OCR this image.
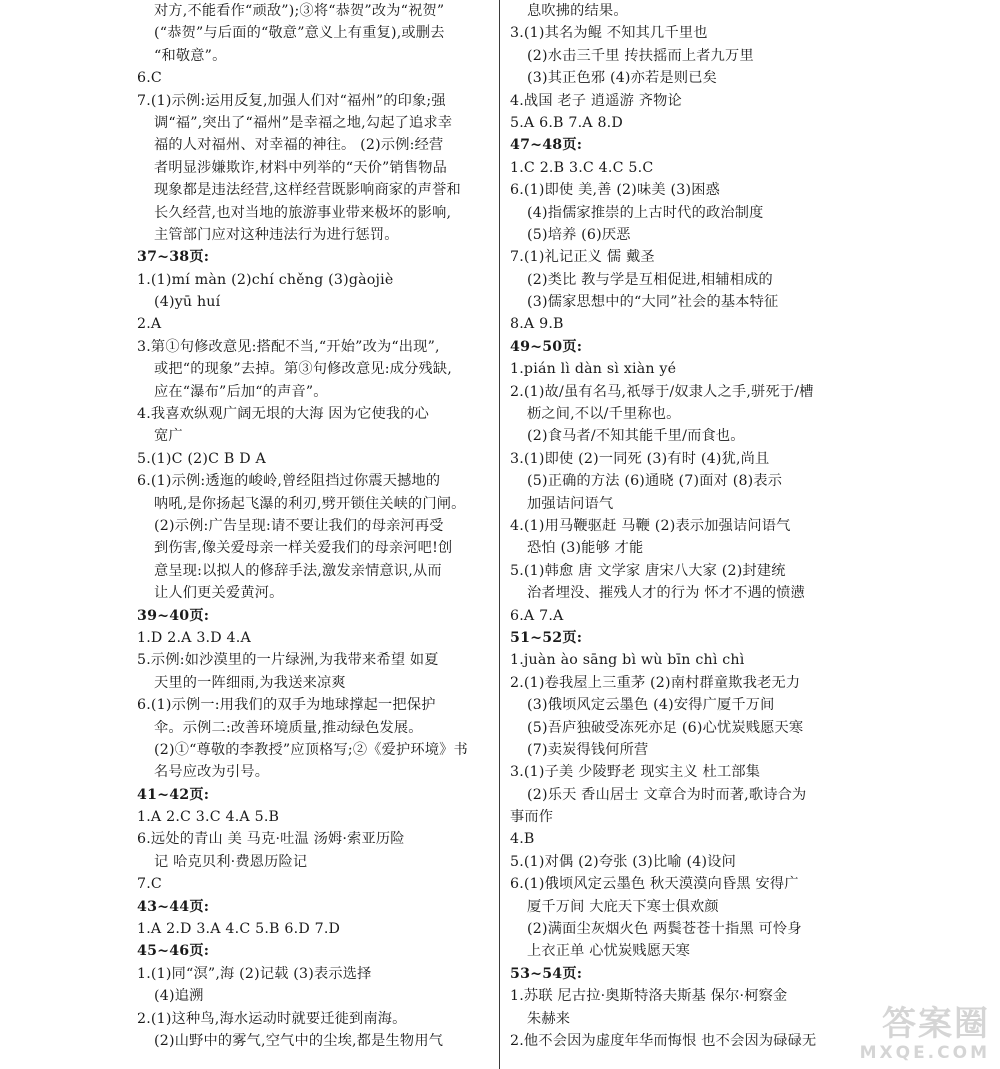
对方,不能看作“顽敌”);③将“恭贺”改为“祝贺”
(“恭贺”与后面的“敬意”意义上有重复),或删去
“和敬意”。
6.C
7.(1)示例:运用反复,加强人们对“福州”的印象;强
调“福”,突出了“福州”是幸福之地,勾起了追求幸
福的人对福州、对幸福的神往。 (2)示例:经营
者明显涉嫌欺诈,材料中列举的“天价”销售物品
现象都是违法经营,这样经营既影响商家的声誉和
长久经营,也对当地的旅游事业带来极坏的影响,
主管部门应对这种违法行为进行惩罚。
37~38页:
1.(1)mí màn (2)chí chěng (3)gàojiè
(4)yū huí
2.A
3.第①句修改意见:搭配不当,“开始”改为“出现”,
或把“的现象”去掉。第③句修改意见:成分残缺,
应在“瀑布”后加“的声音”。
4.我喜欢纵观广阔无垠的大海 因为它使我的心
宽广
5.(1)C (2)C B D A
6.(1)示例:透迤的峻岭,曾经阻挡过你震天撼地的
呐吼,是你扬起飞瀑的利刃,劈开锁住关峡的门闸。
(2)示例:广告呈现:请不要让我们的母亲河再受
到伤害,像关爱母亲一样关爱我们的母亲河吧!创
意呈现:以拟人的修辞手法,激发亲情意识,从而
让人们更关爱黄河。
39~40页:
1.D 2.A 3.D 4.A
5.示例:如沙漠里的一片绿洲,为我带来希望 如夏
天里的一阵细雨,为我送来凉爽
6.(1)示例一:用我们的双手为地球撑起一把保护
伞。示例二:改善环境质量,推动绿色发展。
(2)①“尊敬的李教授”应顶格写;②《爱护环境》书
名号应改为引号。
41~42页:
1.A 2.C 3.C 4.A 5.B
6.远处的青山 美 马克·吐温 汤姆·索亚历险
记 哈克贝利·费恩历险记
7.C
43~44页:
1.A 2.D 3.A 4.C 5.B 6.D 7.D
45~46页:
1.(1)同“溟”,海 (2)记载 (3)表示选择
(4)追溯
2.(1)这种鸟,海水运动时就要迁徙到南海。
(2)山野中的雾气,空气中的尘埃,都是生物用气
息吹拂的结果。
3.(1)其名为鲲 不知其几千里也
(2)水击三千里 抟扶摇而上者九万里
(3)其正色邪 (4)亦若是则已矣
4.战国 老子 逍遥游 齐物论
5.A 6.B 7.A 8.D
47~48页:
1.C 2.B 3.C 4.C 5.C
6.(1)即使 美,善 (2)味美 (3)困惑
(4)指儒家推崇的上古时代的政治制度
(5)培养 (6)厌恶
7.(1)礼记正义 儒 戴圣
(2)类比 教与学是互相促进,相辅相成的
(3)儒家思想中的“大同”社会的基本特征
8.A 9.B
49~50页:
1.pián lì dàn sì xiàn yé
2.(1)故/虽有名马,祇辱于/奴隶人之手,骈死于/槽
枥之间,不以/千里称也。
(2)食马者/不知其能千里/而食也。
3.(1)即使 (2)一同死 (3)有时 (4)犹,尚且
(5)正确的方法 (6)通晓 (7)面对 (8)表示
加强诘问语气
4.(1)用马鞭驱赶 马鞭 (2)表示加强诘问语气
恐怕 (3)能够 才能
5.(1)韩愈 唐 文学家 唐宋八大家 (2)封建统
治者埋没、摧残人才的行为 怀才不遇的愤懑
6.A 7.A
51~52页:
1.juàn ào sāng bì wù bīn chì chì
2.(1)卷我屋上三重茅 (2)南村群童欺我老无力
(3)俄顷风定云墨色 (4)安得广厦千万间
(5)吾庐独破受冻死亦足 (6)心忧炭贱愿天寒
(7)卖炭得钱何所营
3.(1)子美 少陵野老 现实主义 杜工部集
(2)乐天 香山居士 文章合为时而著,歌诗合为
事而作
4.B
5.(1)对偶 (2)夸张 (3)比喻 (4)设问
6.(1)俄顷风定云墨色 秋天漠漠向昏黑 安得广
厦千万间 大庇天下寒士俱欢颜
(2)满面尘灰烟火色 两鬓苍苍十指黑 可怜身
上衣正单 心忧炭贱愿天寒
53~54页:
1.苏联 尼古拉·奥斯特洛夫斯基 保尔·柯察金
朱赫来
2.他不会因为虚度年华而悔恨 也不会因为碌碌无	答案圈
MXQE.COM
